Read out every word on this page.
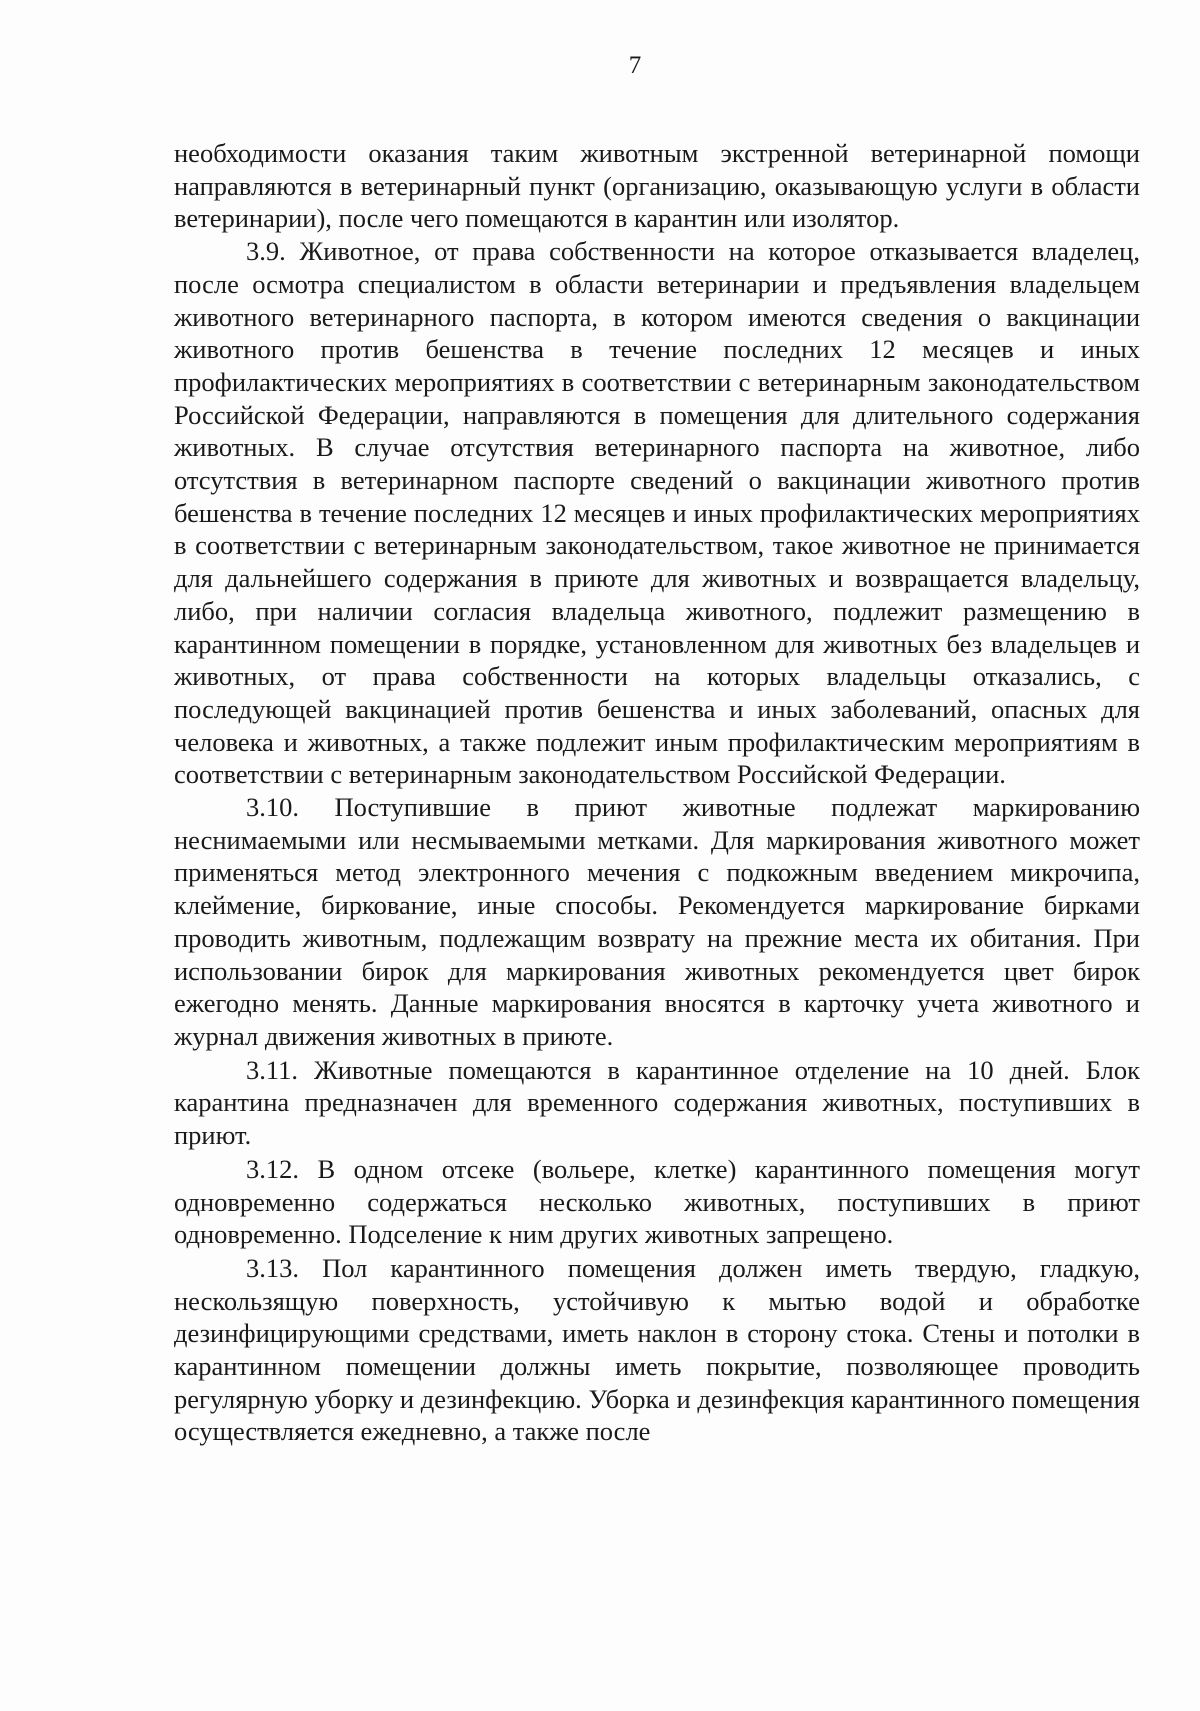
7

необходимости оказания таким животным экстренной ветеринарной помощи направляются в ветеринарный пункт (организацию, оказывающую услуги в области ветеринарии), после чего помещаются в карантин или изолятор.

3.9. Животное, от права собственности на которое отказывается владелец, после осмотра специалистом в области ветеринарии и предъявления владельцем животного ветеринарного паспорта, в котором имеются сведения о вакцинации животного против бешенства в течение последних 12 месяцев и иных профилактических мероприятиях в соответствии с ветеринарным законодательством Российской Федерации, направляются в помещения для длительного содержания животных. В случае отсутствия ветеринарного паспорта на животное, либо отсутствия в ветеринарном паспорте сведений о вакцинации животного против бешенства в течение последних 12 месяцев и иных профилактических мероприятиях в соответствии с ветеринарным законодательством, такое животное не принимается для дальнейшего содержания в приюте для животных и возвращается владельцу, либо, при наличии согласия владельца животного, подлежит размещению в карантинном помещении в порядке, установленном для животных без владельцев и животных, от права собственности на которых владельцы отказались, с последующей вакцинацией против бешенства и иных заболеваний, опасных для человека и животных, а также подлежит иным профилактическим мероприятиям в соответствии с ветеринарным законодательством Российской Федерации.

3.10. Поступившие в приют животные подлежат маркированию неснимаемыми или несмываемыми метками. Для маркирования животного может применяться метод электронного мечения с подкожным введением микрочипа, клеймение, биркование, иные способы. Рекомендуется маркирование бирками проводить животным, подлежащим возврату на прежние места их обитания. При использовании бирок для маркирования животных рекомендуется цвет бирок ежегодно менять. Данные маркирования вносятся в карточку учета животного и журнал движения животных в приюте.

3.11. Животные помещаются в карантинное отделение на 10 дней. Блок карантина предназначен для временного содержания животных, поступивших в приют.

3.12. В одном отсеке (вольере, клетке) карантинного помещения могут одновременно содержаться несколько животных, поступивших в приют одновременно. Подселение к ним других животных запрещено.

3.13. Пол карантинного помещения должен иметь твердую, гладкую, нескользящую поверхность, устойчивую к мытью водой и обработке дезинфицирующими средствами, иметь наклон в сторону стока. Стены и потолки в карантинном помещении должны иметь покрытие, позволяющее проводить регулярную уборку и дезинфекцию. Уборка и дезинфекция карантинного помещения осуществляется ежедневно, а также после
